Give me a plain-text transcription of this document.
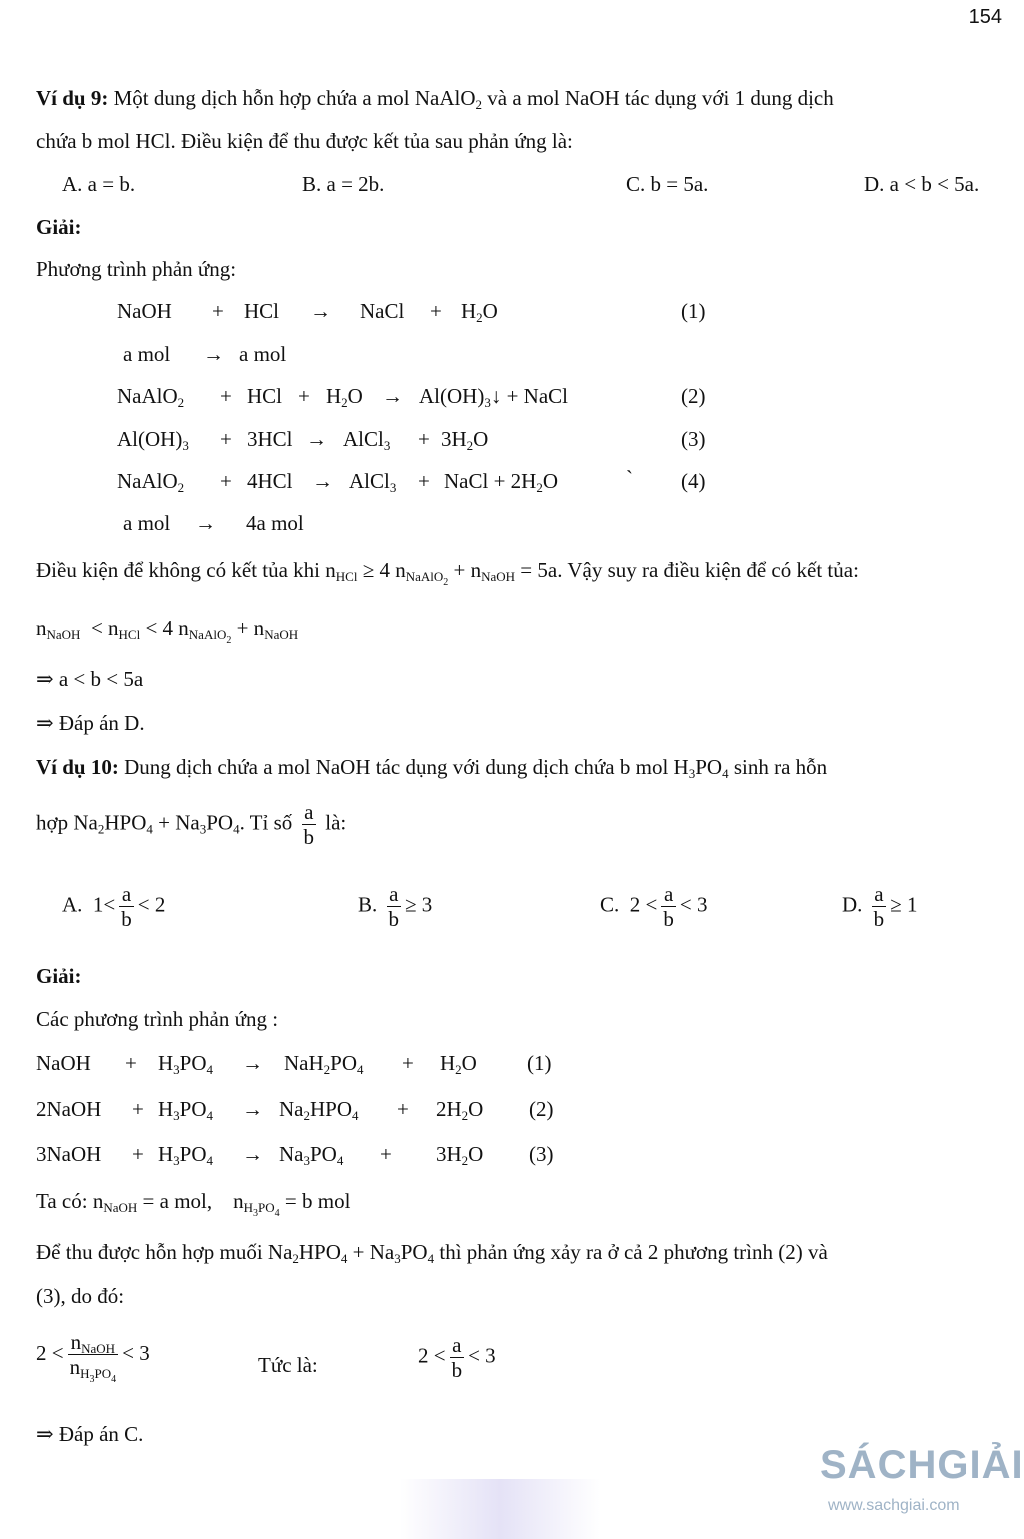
154
Ví dụ 9: Một dung dịch hỗn hợp chứa a mol NaAlO$_2$ và a mol NaOH tác dụng với 1 dung dịch
chứa b mol HCl. Điều kiện để thu được kết tủa sau phản ứng là:
A. a = b.	B. a = 2b.	C. b = 5a.	D. a < b < 5a.
Giải:
Phương trình phản ứng:
NaOH + HCl → NaCl + $H_2O$	(1)
a mol → a mol
NaAlO$_2$ + HCl + $H_2O$ → $Al(OH)_3↓$ + NaCl	(2)
$Al(OH)_3 + 3HCl$ → AlCl$_3$ + $3H_2O$	(3)
NaAlO$_2$ + 4HCl → AlCl$_3$ + NaCl + $2H_2O$	` (4)
a mol → 4a mol
Điều kiện để không có kết tủa khi $n_{HCl} \ge 4$ $n_{NaAlO_2} + n_{NaOH} = 5a$. Vậy suy ra điều kiện để có kết tủa:
$n_{NaOH} < n_{HCl} < 4$ $n_{NaAlO_2} + n_{NaOH}$
⇒ a < b < 5a
⇒ Đáp án D.
Ví dụ 10: Dung dịch chứa a mol NaOH tác dụng với dung dịch chứa b mol $H_3PO_4$ sinh ra hỗn
hợp $Na_2HPO_4 + Na_3PO_4$. Tỉ số $\frac{a}{b}$ là:
A.  $1< \frac{a}{b} < 2$	B. $\frac{a}{b} \ge 3$	C.  $2 < \frac{a}{b} < 3$	D. $\frac{a}{b} \ge 1$
Giải:
Các phương trình phản ứng :
NaOH + $H_3PO_4 \to NaH_2PO_4 + H_2O$ (1)
2NaOH + $H_3PO_4 \to Na_2HPO_4 + 2H_2O$ (2)
3NaOH + $H_3PO_4 \to Na_3PO_4 + 3H_2O$ (3)
Ta có: $n_{NaOH} = a$ mol,    $n_{H_3PO_4} = b$ mol
Để thu được hỗn hợp muối $Na_2HPO_4 + Na_3PO_4$ thì phản ứng xảy ra ở cả 2 phương trình (2) và
(3), do đó:
$2 < \frac{n_{NaOH}}{n_{H_3PO_4}} < 3$
Tức là:	$2 < \frac{a}{b} < 3$
⇒ Đáp án C.
SÁCHGIẢI
www.sachgiai.com
